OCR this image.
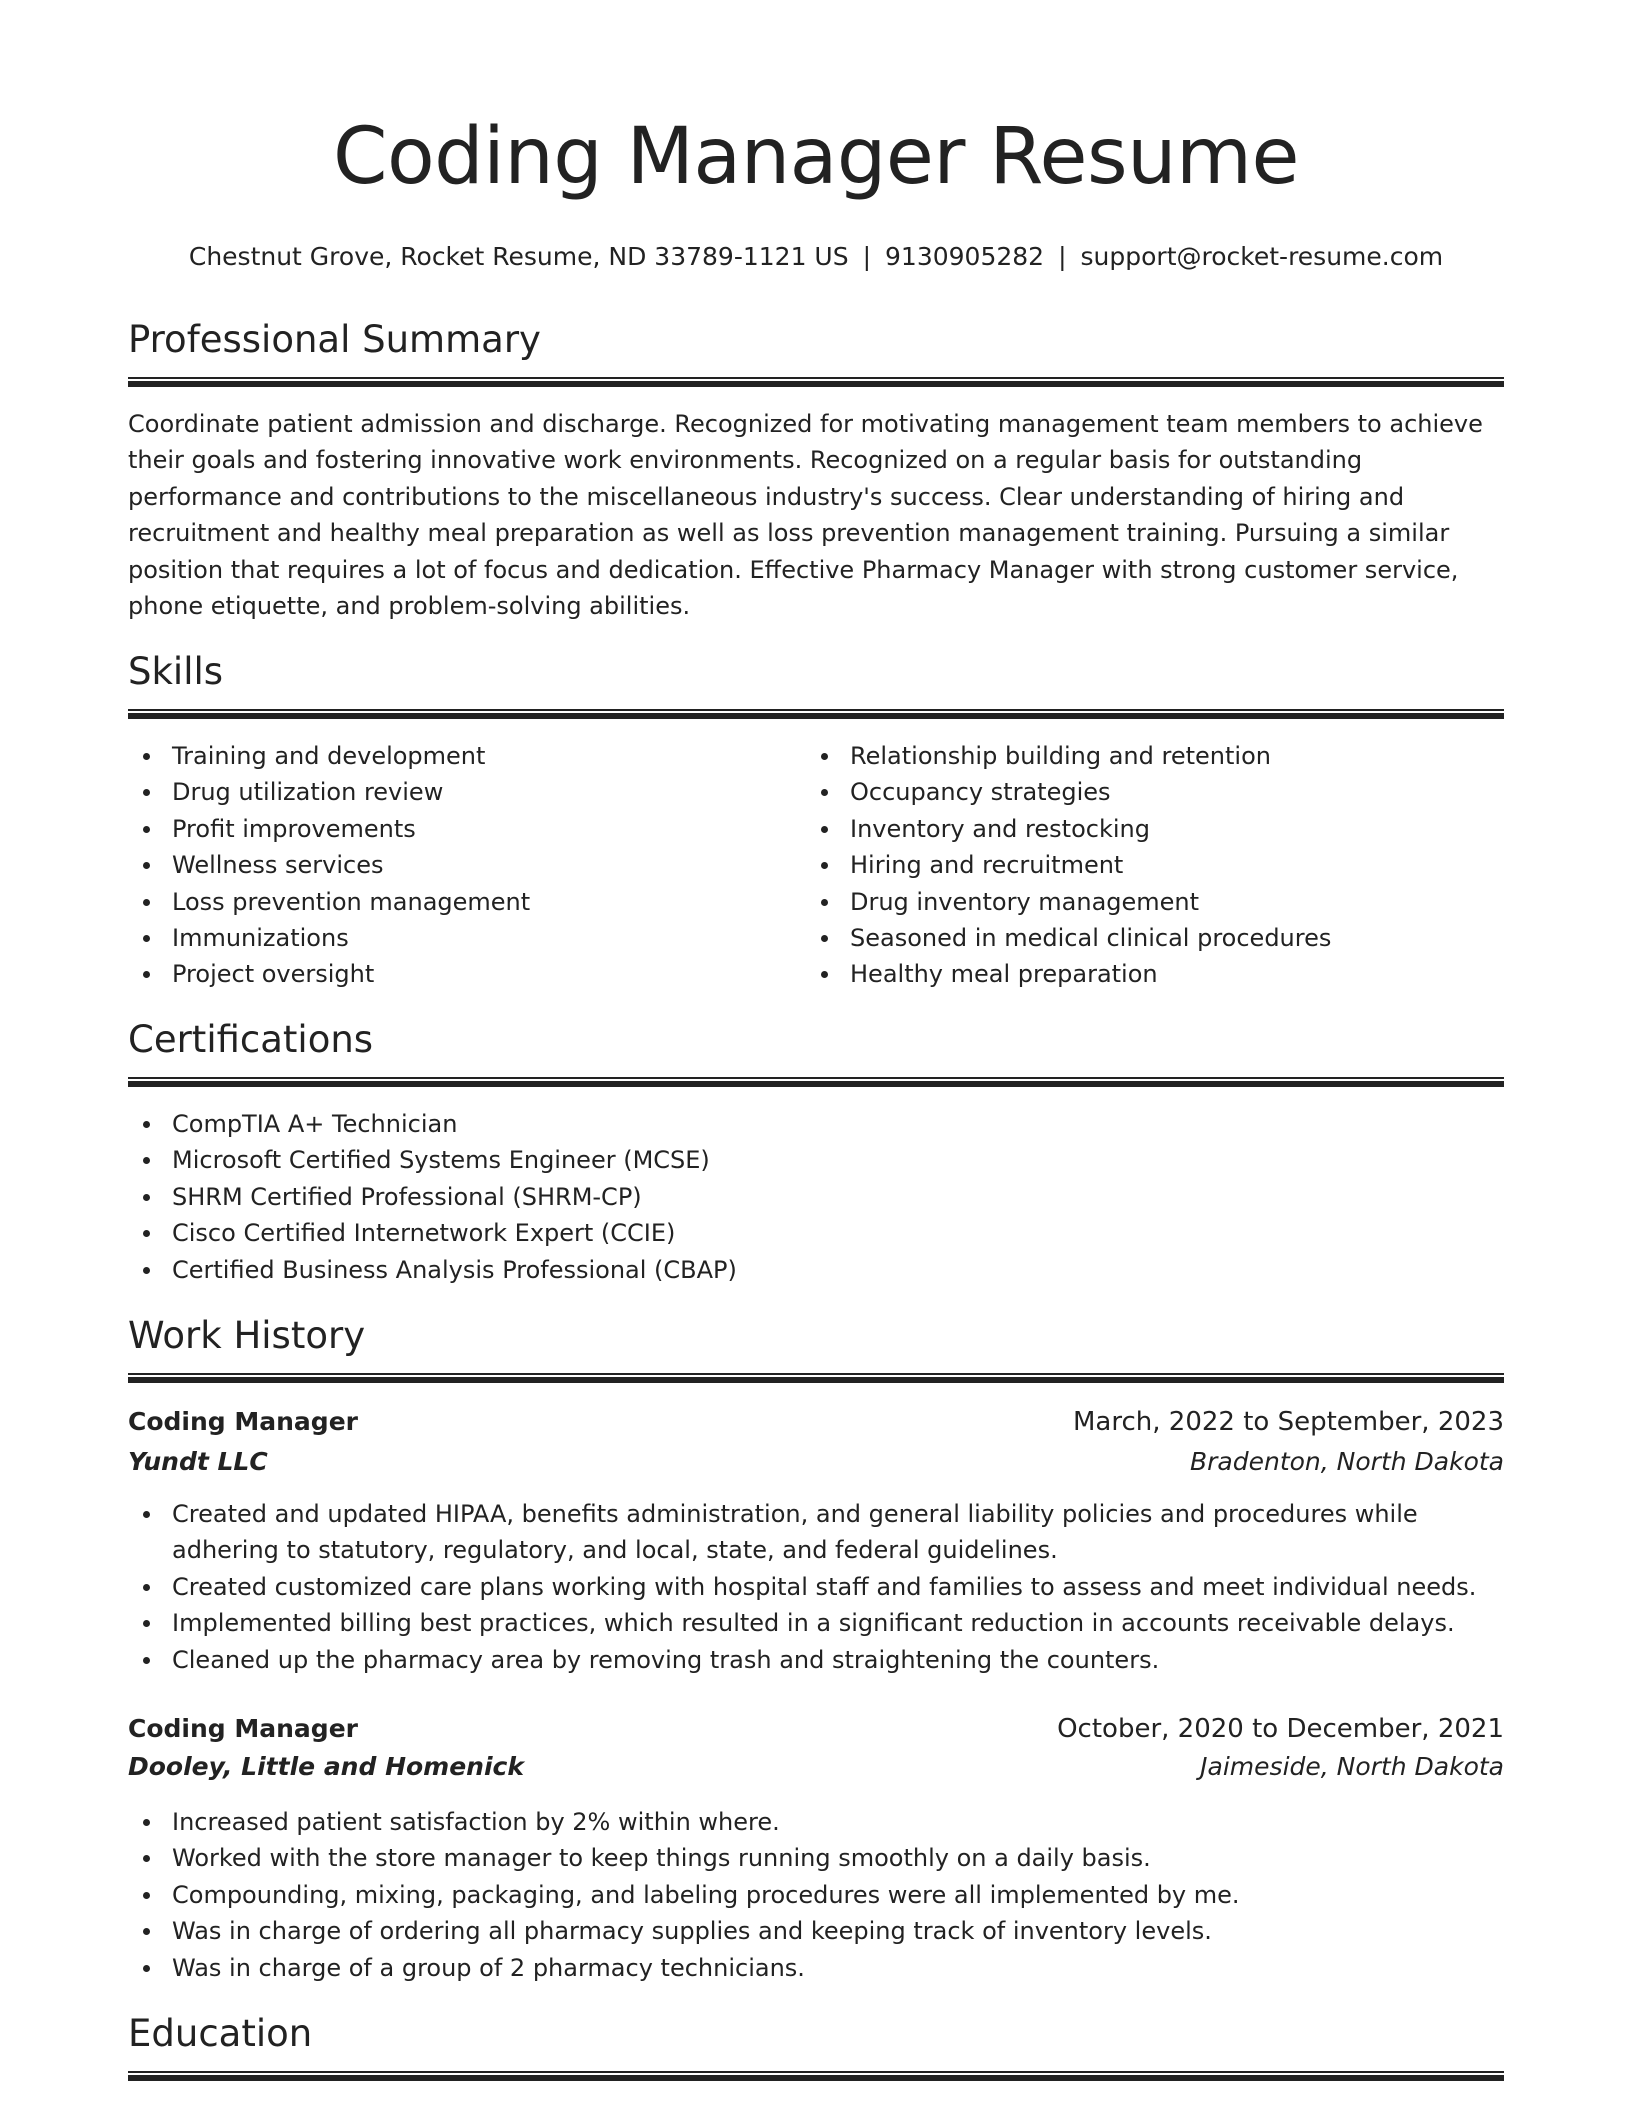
Coding Manager Resume
Chestnut Grove, Rocket Resume, ND 33789-1121 US | 9130905282 | support@rocket-resume.com
Professional Summary

Coordinate patient admission and discharge. Recognized for motivating management team members to achieve their goals and fostering innovative work environments. Recognized on a regular basis for outstanding performance and contributions to the miscellaneous industry's success. Clear understanding of hiring and recruitment and healthy meal preparation as well as loss prevention management training. Pursuing a similar position that requires a lot of focus and dedication. Effective Pharmacy Manager with strong customer service, phone etiquette, and problem-solving abilities.

Skills
Training and development
Drug utilization review
Profit improvements
Wellness services
Loss prevention management
Immunizations
Project oversight
Relationship building and retention
Occupancy strategies
Inventory and restocking
Hiring and recruitment
Drug inventory management
Seasoned in medical clinical procedures
Healthy meal preparation
Certifications
CompTIA A+ Technician
Microsoft Certified Systems Engineer (MCSE)
SHRM Certified Professional (SHRM-CP)
Cisco Certified Internetwork Expert (CCIE)
Certified Business Analysis Professional (CBAP)
Work History
Coding Manager	March, 2022 to September, 2023
Yundt LLC	Bradenton, North Dakota
Created and updated HIPAA, benefits administration, and general liability policies and procedures while adhering to statutory, regulatory, and local, state, and federal guidelines.
Created customized care plans working with hospital staff and families to assess and meet individual needs.
Implemented billing best practices, which resulted in a significant reduction in accounts receivable delays.
Cleaned up the pharmacy area by removing trash and straightening the counters.
Coding Manager	October, 2020 to December, 2021
Dooley, Little and Homenick	Jaimeside, North Dakota
Increased patient satisfaction by 2% within where.
Worked with the store manager to keep things running smoothly on a daily basis.
Compounding, mixing, packaging, and labeling procedures were all implemented by me.
Was in charge of ordering all pharmacy supplies and keeping track of inventory levels.
Was in charge of a group of 2 pharmacy technicians.
Education
